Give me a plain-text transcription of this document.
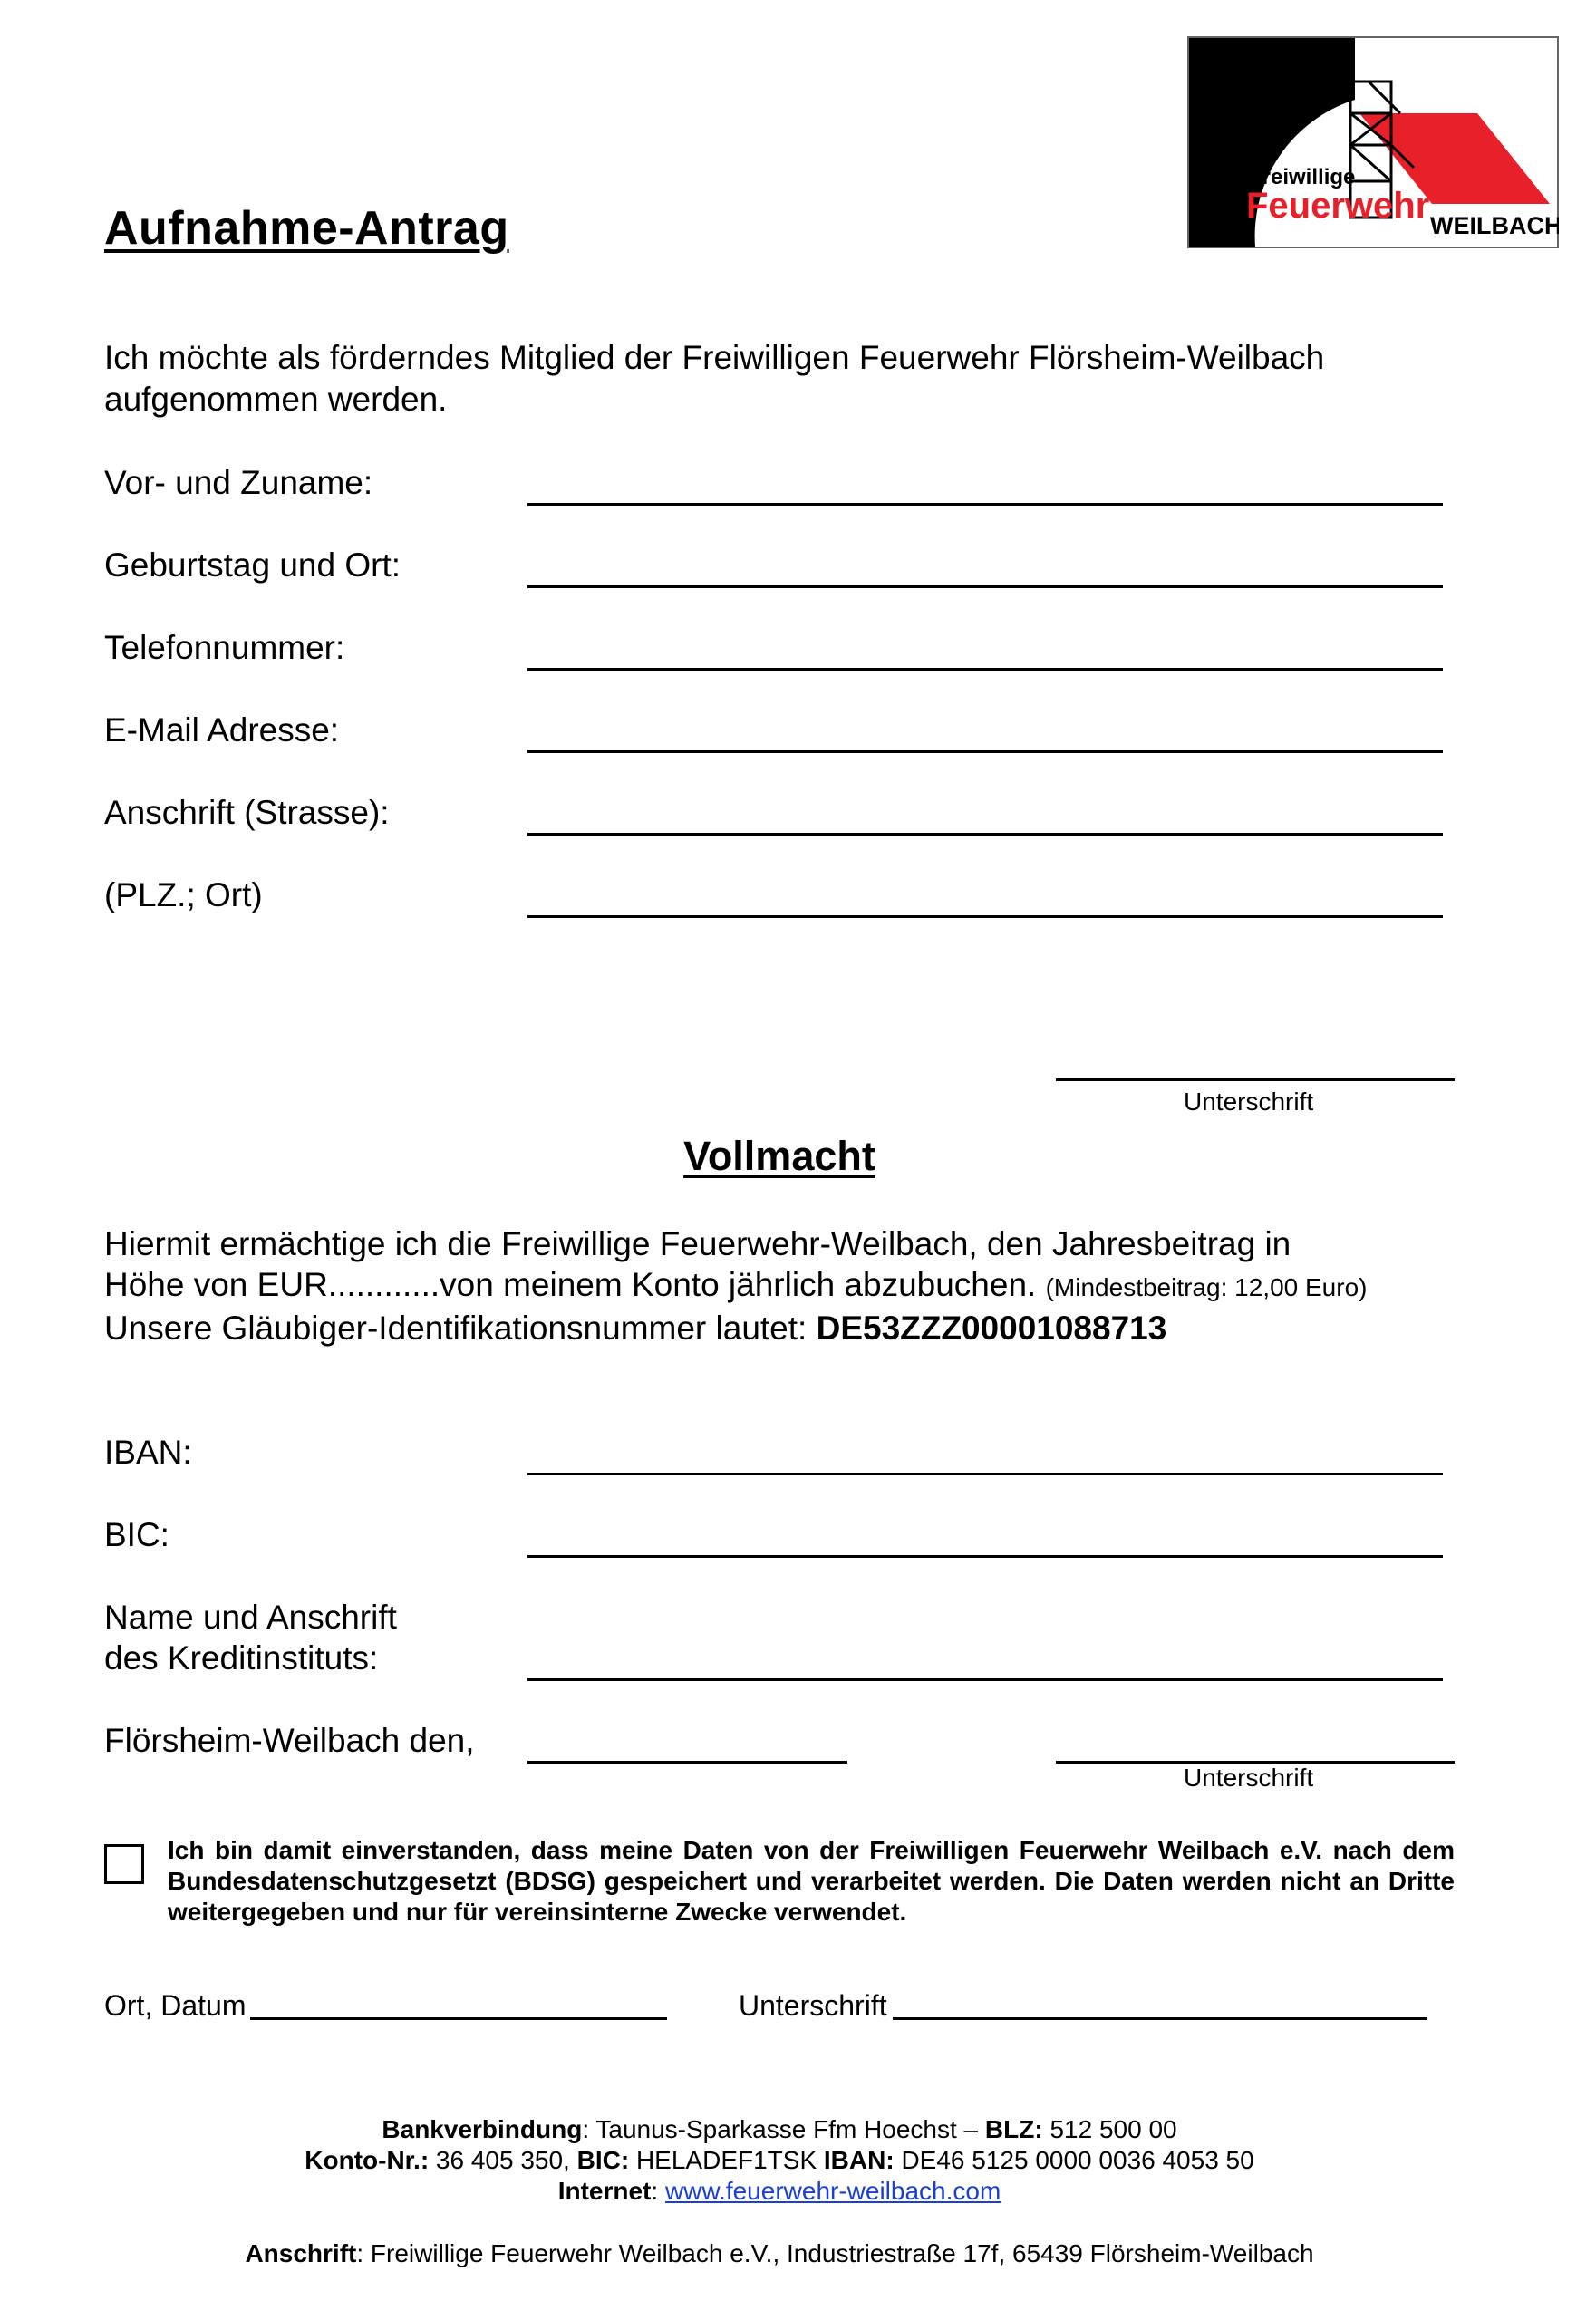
Aufnahme-Antrag
Freiwillige
Feuerwehr WEILBACH
Ich möchte als förderndes Mitglied der Freiwilligen Feuerwehr Flörsheim-Weilbach aufgenommen werden.
Vor- und Zuname:
Geburtstag und Ort:
Telefonnummer:
E-Mail Adresse:
Anschrift (Strasse):
(PLZ.; Ort)
Unterschrift
Vollmacht
Hiermit ermächtige ich die Freiwillige Feuerwehr-Weilbach, den Jahresbeitrag in
Höhe von EUR............von meinem Konto jährlich abzubuchen. (Mindestbeitrag: 12,00 Euro)
Unsere Gläubiger-Identifikationsnummer lautet: DE53ZZZ00001088713
IBAN:
BIC:
Name und Anschrift
des Kreditinstituts:
Flörsheim-Weilbach den,
Unterschrift
Ich bin damit einverstanden, dass meine Daten von der Freiwilligen Feuerwehr Weilbach e.V. nach dem Bundesdatenschutzgesetzt (BDSG) gespeichert und verarbeitet werden. Die Daten werden nicht an Dritte weitergegeben und nur für vereinsinterne Zwecke verwendet.
Ort, Datum	Unterschrift
Bankverbindung: Taunus-Sparkasse Ffm Hoechst – BLZ: 512 500 00
Konto-Nr.: 36 405 350, BIC: HELADEF1TSK IBAN: DE46 5125 0000 0036 4053 50
Internet: www.feuerwehr-weilbach.com
Anschrift: Freiwillige Feuerwehr Weilbach e.V., Industriestraße 17f, 65439 Flörsheim-Weilbach
